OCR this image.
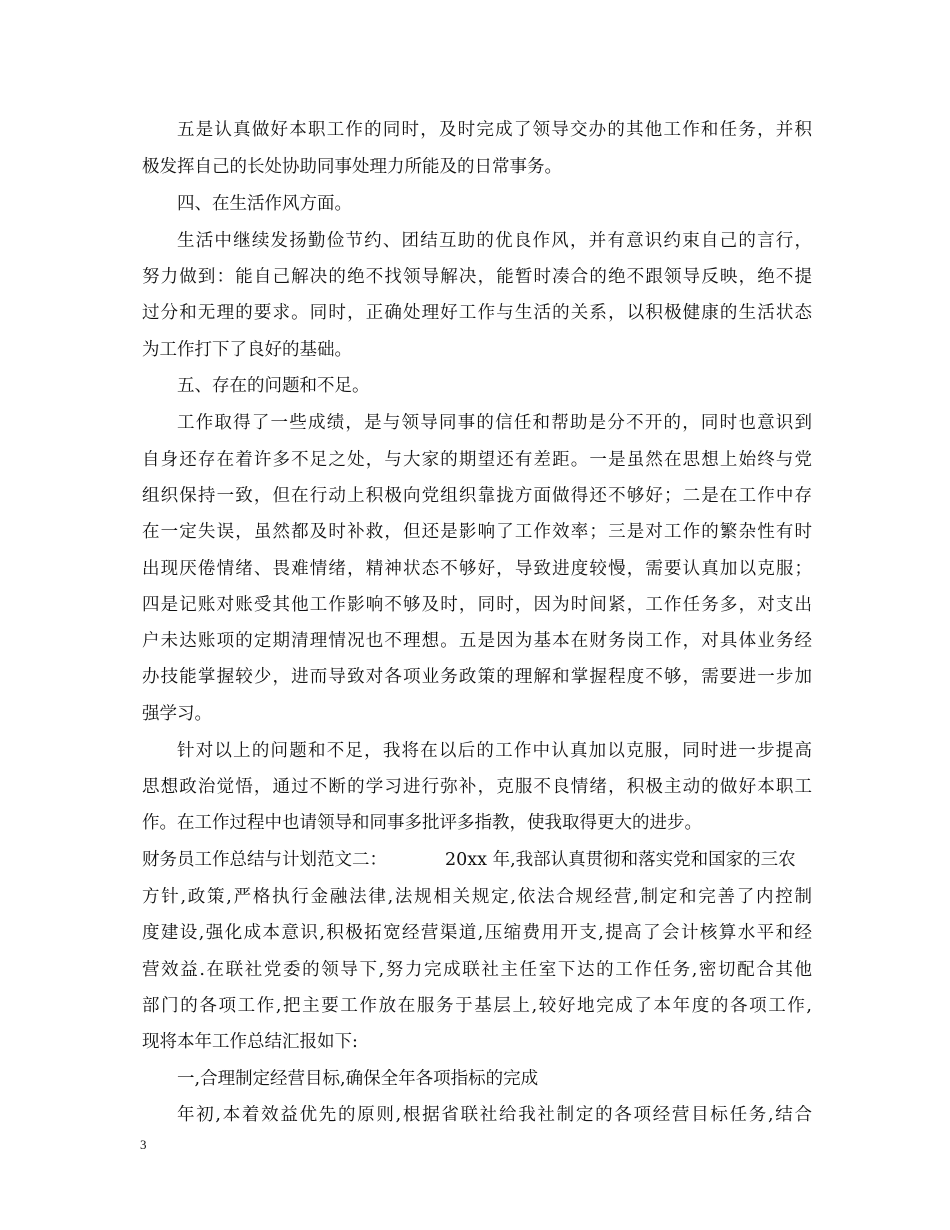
五是认真做好本职工作的同时，及时完成了领导交办的其他工作和任务，并积
极发挥自己的长处协助同事处理力所能及的日常事务。
四、在生活作风方面。
生活中继续发扬勤俭节约、团结互助的优良作风，并有意识约束自己的言行，
努力做到：能自己解决的绝不找领导解决，能暂时凑合的绝不跟领导反映，绝不提
过分和无理的要求。同时，正确处理好工作与生活的关系，以积极健康的生活状态
为工作打下了良好的基础。
五、存在的问题和不足。
工作取得了一些成绩，是与领导同事的信任和帮助是分不开的，同时也意识到
自身还存在着许多不足之处，与大家的期望还有差距。一是虽然在思想上始终与党
组织保持一致，但在行动上积极向党组织靠拢方面做得还不够好；二是在工作中存
在一定失误，虽然都及时补救，但还是影响了工作效率；三是对工作的繁杂性有时
出现厌倦情绪、畏难情绪，精神状态不够好，导致进度较慢，需要认真加以克服；
四是记账对账受其他工作影响不够及时，同时，因为时间紧，工作任务多，对支出
户未达账项的定期清理情况也不理想。五是因为基本在财务岗工作，对具体业务经
办技能掌握较少，进而导致对各项业务政策的理解和掌握程度不够，需要进一步加
强学习。
针对以上的问题和不足，我将在以后的工作中认真加以克服，同时进一步提高
思想政治觉悟，通过不断的学习进行弥补，克服不良情绪，积极主动的做好本职工
作。在工作过程中也请领导和同事多批评多指教，使我取得更大的进步。
财务员工作总结与计划范文二：	20xx 年,我部认真贯彻和落实党和国家的三农
方针,政策,严格执行金融法律,法规相关规定,依法合规经营,制定和完善了内控制
度建设,强化成本意识,积极拓宽经营渠道,压缩费用开支,提高了会计核算水平和经
营效益.在联社党委的领导下,努力完成联社主任室下达的工作任务,密切配合其他
部门的各项工作,把主要工作放在服务于基层上,较好地完成了本年度的各项工作,
现将本年工作总结汇报如下:
一,合理制定经营目标,确保全年各项指标的完成
年初,本着效益优先的原则,根据省联社给我社制定的各项经营目标任务,结合
3
